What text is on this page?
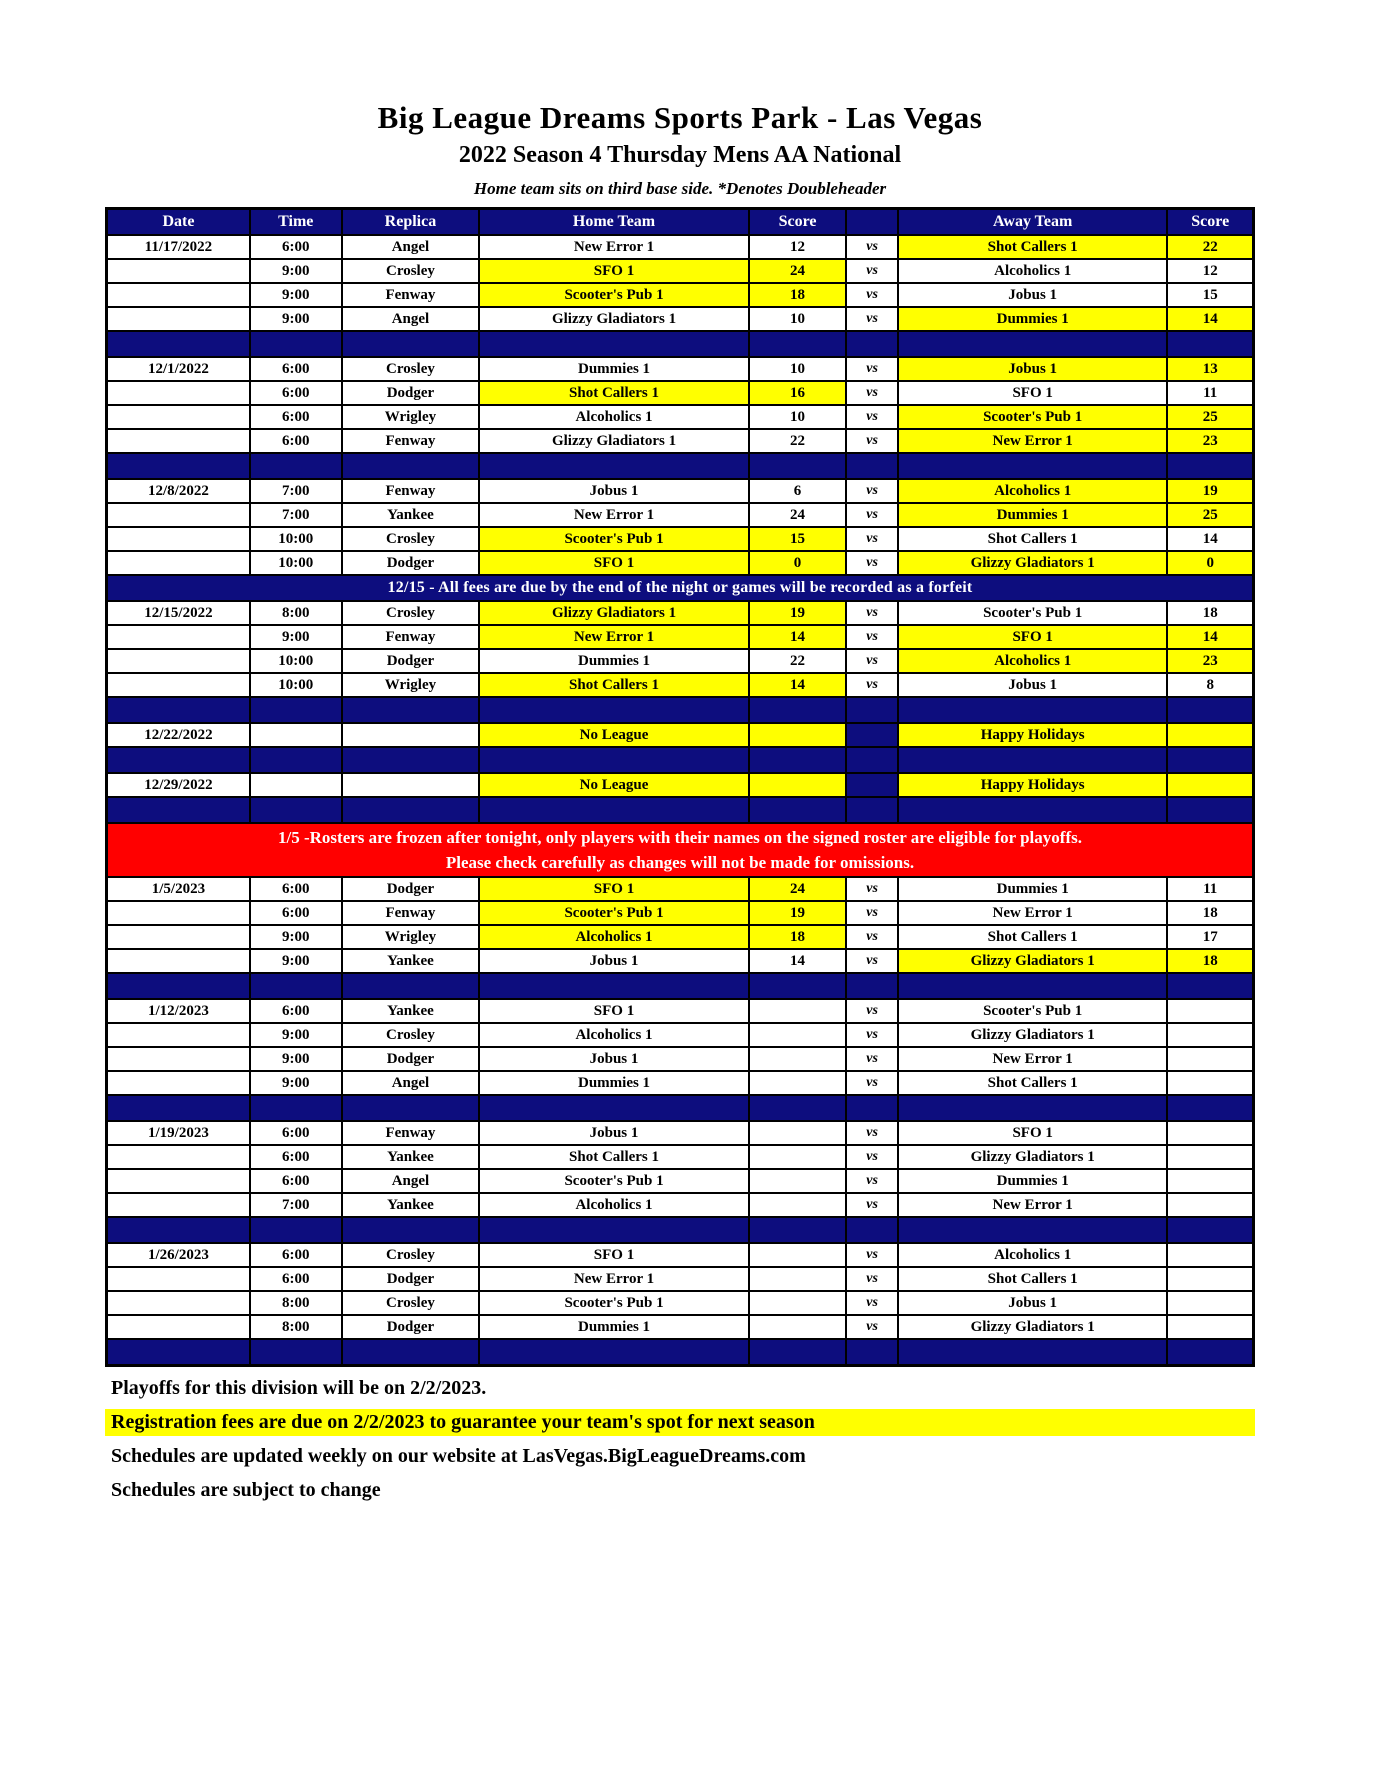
Big League Dreams Sports Park - Las Vegas
2022 Season 4 Thursday Mens AA National
Home team sits on third base side. *Denotes Doubleheader
Date	Time	Replica	Home Team	Score		Away Team	Score
11/17/2022	6:00	Angel	New Error 1	12	vs	Shot Callers 1	22
	9:00	Crosley	SFO 1	24	vs	Alcoholics 1	12
	9:00	Fenway	Scooter's Pub 1	18	vs	Jobus 1	15
	9:00	Angel	Glizzy Gladiators 1	10	vs	Dummies 1	14

12/1/2022	6:00	Crosley	Dummies 1	10	vs	Jobus 1	13
	6:00	Dodger	Shot Callers 1	16	vs	SFO 1	11
	6:00	Wrigley	Alcoholics 1	10	vs	Scooter's Pub 1	25
	6:00	Fenway	Glizzy Gladiators 1	22	vs	New Error 1	23

12/8/2022	7:00	Fenway	Jobus 1	6	vs	Alcoholics 1	19
	7:00	Yankee	New Error 1	24	vs	Dummies 1	25
	10:00	Crosley	Scooter's Pub 1	15	vs	Shot Callers 1	14
	10:00	Dodger	SFO 1	0	vs	Glizzy Gladiators 1	0
12/15 - All fees are due by the end of the night or games will be recorded as a forfeit							
12/15/2022	8:00	Crosley	Glizzy Gladiators 1	19	vs	Scooter's Pub 1	18
	9:00	Fenway	New Error 1	14	vs	SFO 1	14
	10:00	Dodger	Dummies 1	22	vs	Alcoholics 1	23
	10:00	Wrigley	Shot Callers 1	14	vs	Jobus 1	8

12/22/2022			No League			Happy Holidays	

12/29/2022			No League			Happy Holidays	

1/5 -Rosters are frozen after tonight, only players with their names on the signed roster are eligible for playoffs.
Please check carefully as changes will not be made for omissions.							

1/5/2023	6:00	Dodger	SFO 1	24	vs	Dummies 1	11
	6:00	Fenway	Scooter's Pub 1	19	vs	New Error 1	18
	9:00	Wrigley	Alcoholics 1	18	vs	Shot Callers 1	17
	9:00	Yankee	Jobus 1	14	vs	Glizzy Gladiators 1	18

1/12/2023	6:00	Yankee	SFO 1		vs	Scooter's Pub 1	
	9:00	Crosley	Alcoholics 1		vs	Glizzy Gladiators 1	
	9:00	Dodger	Jobus 1		vs	New Error 1	
	9:00	Angel	Dummies 1		vs	Shot Callers 1	

1/19/2023	6:00	Fenway	Jobus 1		vs	SFO 1	
	6:00	Yankee	Shot Callers 1		vs	Glizzy Gladiators 1	
	6:00	Angel	Scooter's Pub 1		vs	Dummies 1	
	7:00	Yankee	Alcoholics 1		vs	New Error 1	

1/26/2023	6:00	Crosley	SFO 1		vs	Alcoholics 1	
	6:00	Dodger	New Error 1		vs	Shot Callers 1	
	8:00	Crosley	Scooter's Pub 1		vs	Jobus 1	
	8:00	Dodger	Dummies 1		vs	Glizzy Gladiators 1	

Playoffs for this division will be on 2/2/2023.
Registration fees are due on 2/2/2023 to guarantee your team's spot for next season
Schedules are updated weekly on our website at LasVegas.BigLeagueDreams.com
Schedules are subject to change
